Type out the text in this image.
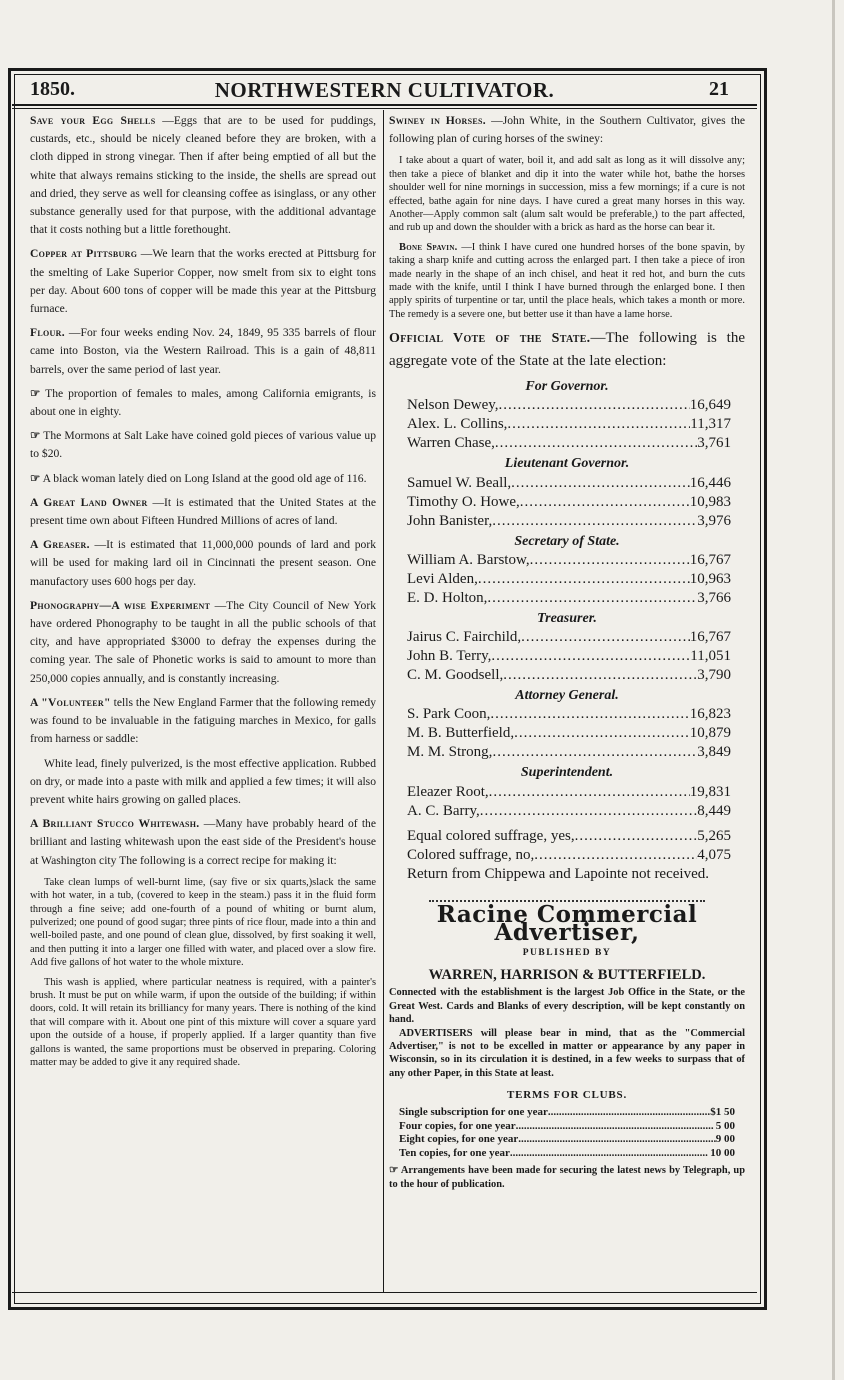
1850.	NORTHWESTERN CULTIVATOR.	21

Save your Egg Shells —Eggs that are to be used for puddings, custards, etc., should be nicely cleaned before they are broken, with a cloth dipped in strong vinegar. Then if after being emptied of all but the white that always remains sticking to the inside, the shells are spread out and dried, they serve as well for cleansing coffee as isinglass, or any other substance generally used for that purpose, with the additional advantage that it costs nothing but a little forethought.

Copper at Pittsburg —We learn that the works erected at Pittsburg for the smelting of Lake Superior Copper, now smelt from six to eight tons per day. About 600 tons of copper will be made this year at the Pittsburg furnace.

Flour. —For four weeks ending Nov. 24, 1849, 95 335 barrels of flour came into Boston, via the Western Railroad. This is a gain of 48,811 barrels, over the same period of last year.

☞ The proportion of females to males, among California emigrants, is about one in eighty.

☞ The Mormons at Salt Lake have coined gold pieces of various value up to $20.

☞ A black woman lately died on Long Island at the good old age of 116.

A Great Land Owner —It is estimated that the United States at the present time own about Fifteen Hundred Millions of acres of land.

A Greaser. —It is estimated that 11,000,000 pounds of lard and pork will be used for making lard oil in Cincinnati the present season. One manufactory uses 600 hogs per day.

Phonography—A wise Experiment —The City Council of New York have ordered Phonography to be taught in all the public schools of that city, and have appropriated $3000 to defray the expenses during the coming year. The sale of Phonetic works is said to amount to more than 250,000 copies annually, and is constantly increasing.

A "Volunteer" tells the New England Farmer that the following remedy was found to be invaluable in the fatiguing marches in Mexico, for galls from harness or saddle:

White lead, finely pulverized, is the most effective application. Rubbed on dry, or made into a paste with milk and applied a few times; it will also prevent white hairs growing on galled places.

A Brilliant Stucco Whitewash. —Many have probably heard of the brilliant and lasting whitewash upon the east side of the President's house at Washington city The following is a correct recipe for making it:

Take clean lumps of well-burnt lime, (say five or six quarts,)slack the same with hot water, in a tub, (covered to keep in the steam.) pass it in the fluid form through a fine seive; add one-fourth of a pound of whiting or burnt alum, pulverized; one pound of good sugar; three pints of rice flour, made into a thin and well-boiled paste, and one pound of clean glue, dissolved, by first soaking it well, and then putting it into a larger one filled with water, and placed over a slow fire. Add five gallons of hot water to the whole mixture.

This wash is applied, where particular neatness is required, with a painter's brush. It must be put on while warm, if upon the outside of the building; if within doors, cold. It will retain its brilliancy for many years. There is nothing of the kind that will compare with it. About one pint of this mixture will cover a square yard upon the outside of a house, if properly applied. If a larger quantity than five gallons is wanted, the same proportions must be observed in preparing. Coloring matter may be added to give it any required shade.

Swiney in Horses. —John White, in the Southern Cultivator, gives the following plan of curing horses of the swiney:

I take about a quart of water, boil it, and add salt as long as it will dissolve any; then take a piece of blanket and dip it into the water while hot, bathe the horses shoulder well for nine mornings in succession, miss a few mornings; if a cure is not effected, bathe again for nine days. I have cured a great many horses in this way. Another—Apply common salt (alum salt would be preferable,) to the part affected, and rub up and down the shoulder with a brick as hard as the horse can bear it.

Bone Spavin. —I think I have cured one hundred horses of the bone spavin, by taking a sharp knife and cutting across the enlarged part. I then take a piece of iron made nearly in the shape of an inch chisel, and heat it red hot, and burn the cuts made with the knife, until I think I have burned through the enlarged bone. I then apply spirits of turpentine or tar, until the place heals, which takes a month or more. The remedy is a severe one, but better use it than have a lame horse.

Official Vote of the State.—The following is the aggregate vote of the State at the late election:

For Governor.
Nelson Dewey, .....	16,649
Alex. L. Collins, .....	11,317
Warren Chase, .....	3,761
Lieutenant Governor.
Samuel W. Beall, .....	16,446
Timothy O. Howe, .....	10,983
John Banister, .....	3,976
Secretary of State.
William A. Barstow, .....	16,767
Levi Alden, .....	10,963
E. D. Holton, .....	3,766
Treasurer.
Jairus C. Fairchild, .....	16,767
John B. Terry, .....	11,051
C. M. Goodsell, .....	3,790
Attorney General.
S. Park Coon, .....	16,823
M. B. Butterfield, .....	10,879
M. M. Strong, .....	3,849
Superintendent.
Eleazer Root, .....	19,831
A. C. Barry, .....	8,449
Equal colored suffrage, yes, .....	5,265
Colored suffrage, no, .....	4,075
Return from Chippewa and Lapointe not received.
Racine Commercial Advertiser,
PUBLISHED BY
WARREN, HARRISON & BUTTERFIELD.

Connected with the establishment is the largest Job Office in the State, or the Great West. Cards and Blanks of every description, will be kept constantly on hand.

ADVERTISERS will please bear in mind, that as the "Commercial Advertiser," is not to be excelled in matter or appearance by any paper in Wisconsin, so in its circulation it is destined, in a few weeks to surpass that of any other Paper, in this State at least.

TERMS FOR CLUBS.
Single subscription for one year .....	$1 50
Four copies, for one year .....	5 00
Eight copies, for one year .....	9 00
Ten copies, for one year .....	10 00

☞ Arrangements have been made for securing the latest news by Telegraph, up to the hour of publication.
